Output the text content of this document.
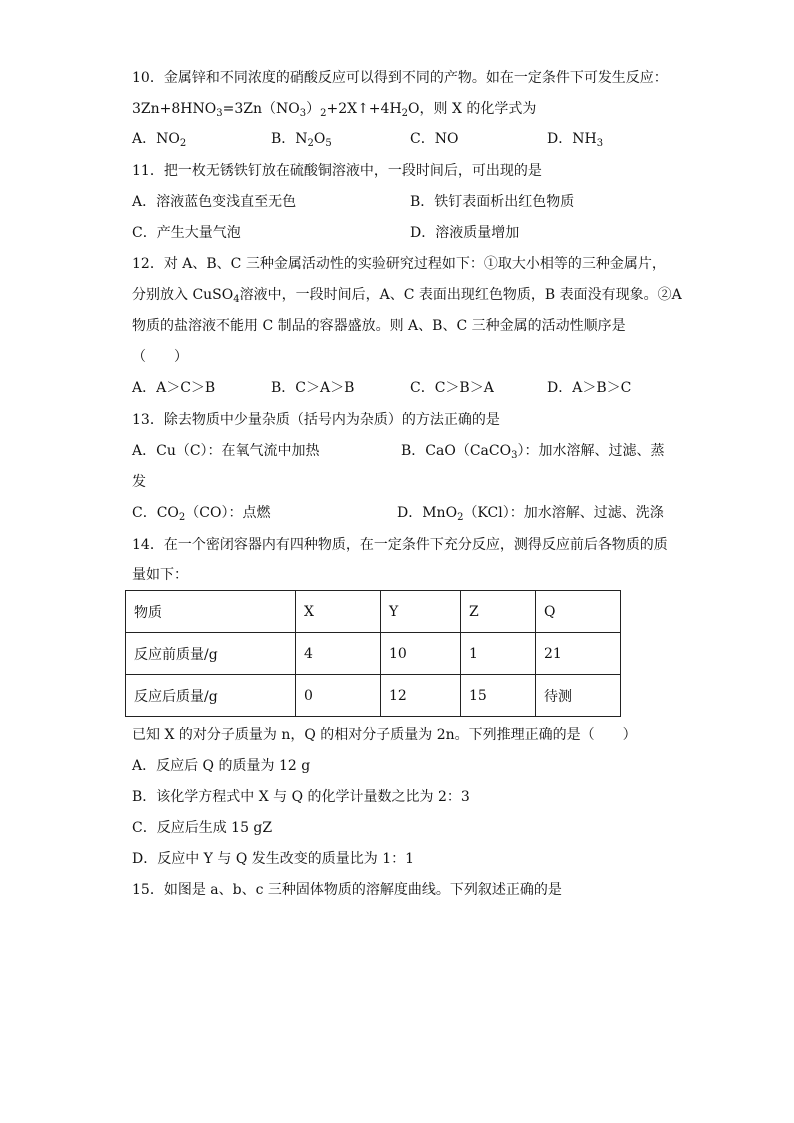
10．金属锌和不同浓度的硝酸反应可以得到不同的产物。如在一定条件下可发生反应：
$3Zn+8HNO_3=3Zn(NO_3)_2+2X↑+4H_2O$，则 X 的化学式为
A．$NO_2$	B．$N_2O_5$	C．NO	D．$NH_3$
11．把一枚无锈铁钉放在硫酸铜溶液中，一段时间后，可出现的是
A．溶液蓝色变浅直至无色	B．铁钉表面析出红色物质
C．产生大量气泡	D．溶液质量增加
12．对 A、B、C 三种金属活动性的实验研究过程如下：①取大小相等的三种金属片，
分别放入 CuSO$_4$溶液中，一段时间后，A、C 表面出现红色物质，B 表面没有现象。②A
物质的盐溶液不能用 C 制品的容器盛放。则 A、B、C 三种金属的活动性顺序是
（　　）
A．A＞C＞B	B．C＞A＞B	C．C＞B＞A	D．A＞B＞C
13．除去物质中少量杂质（括号内为杂质）的方法正确的是
A．Cu（C）：在氧气流中加热	B．CaO（CaCO$_3$）：加水溶解、过滤、蒸
发
C．$CO_2(CO)$：点燃	D．MnO$_2$（KCl）：加水溶解、过滤、洗涤
14．在一个密闭容器内有四种物质，在一定条件下充分反应，测得反应前后各物质的质
量如下：
物质	X	Y	Z	Q
反应前质量/g	4	10	1	21
反应后质量/g	0	12	15	待测
已知 X 的对分子质量为 n，Q 的相对分子质量为 2n。下列推理正确的是（　　）
A．反应后 Q 的质量为 12 g
B．该化学方程式中 X 与 Q 的化学计量数之比为 2：3
C．反应后生成 15 gZ
D．反应中 Y 与 Q 发生改变的质量比为 1：1
15．如图是 a、b、c 三种固体物质的溶解度曲线。下列叙述正确的是
